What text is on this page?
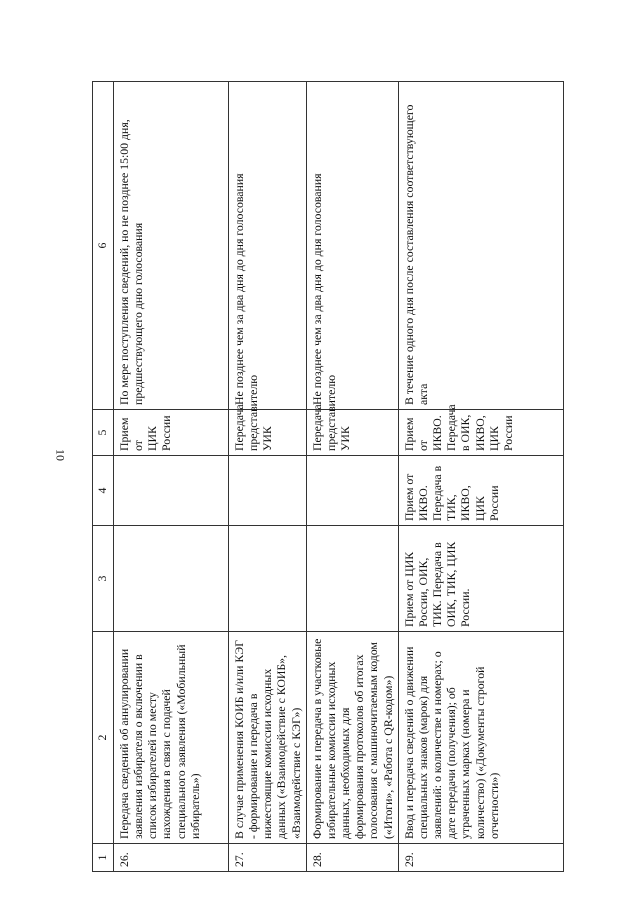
10
1	2	3	4	5	6
26.	Передача сведений об аннулировании заявления избирателя о включении в список избирателей по месту нахождения в связи с подачей специального заявления («Мобильный избиратель»)			Прием от ЦИК России	По мере поступления сведений, но не позднее 15:00 дня, предшествующего дню голосования
27.	В случае применения КОИБ и/или КЭГ - формирование и передача в нижестоящие комиссии исходных данных («Взаимодействие с КОИБ», «Взаимодействие с КЭГ»)			Передача представителю УИК	Не позднее чем за два дня до дня голосования
28.	Формирование и передача в участковые избирательные комиссии исходных данных, необходимых для формирования протоколов об итогах голосования с машиночитаемым кодом («Итоги», «Работа с QR-кодом»)			Передача представителю УИК	Не позднее чем за два дня до дня голосования
29.	Ввод и передача сведений о движении специальных знаков (марок) для заявлений: о количестве и номерах; о дате передачи (получения); об утраченных марках (номера и количество) («Документы строгой отчетности»)	Прием от ЦИК России, ОИК, ТИК. Передача в ОИК, ТИК, ЦИК России.	Прием от ИКВО. Передача в ТИК, ИКВО, ЦИК России	Прием от ИКВО. Передача в ОИК, ИКВО, ЦИК России	В течение одного дня после составления соответствующего акта
